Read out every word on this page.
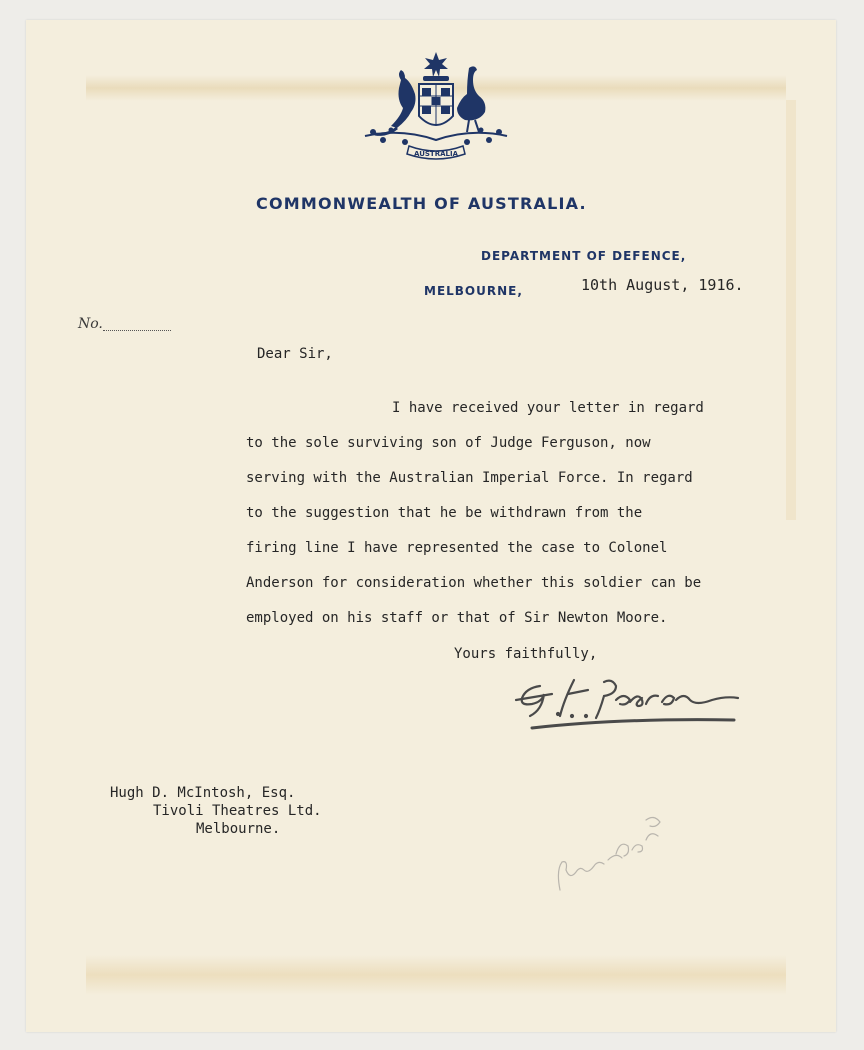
AUSTRALIA
COMMONWEALTH OF AUSTRALIA.
DEPARTMENT OF DEFENCE,
MELBOURNE,	10th August, 1916.
No.
Dear Sir,
I have received your letter in regard
to the sole surviving son of Judge Ferguson, now
serving with the Australian Imperial Force. In regard
to the suggestion that he be withdrawn from the
firing line I have represented the case to Colonel
Anderson for consideration whether this soldier can be
employed on his staff or that of Sir Newton Moore.
Yours faithfully,
Hugh D. McIntosh, Esq.
Tivoli Theatres Ltd.
Melbourne.
